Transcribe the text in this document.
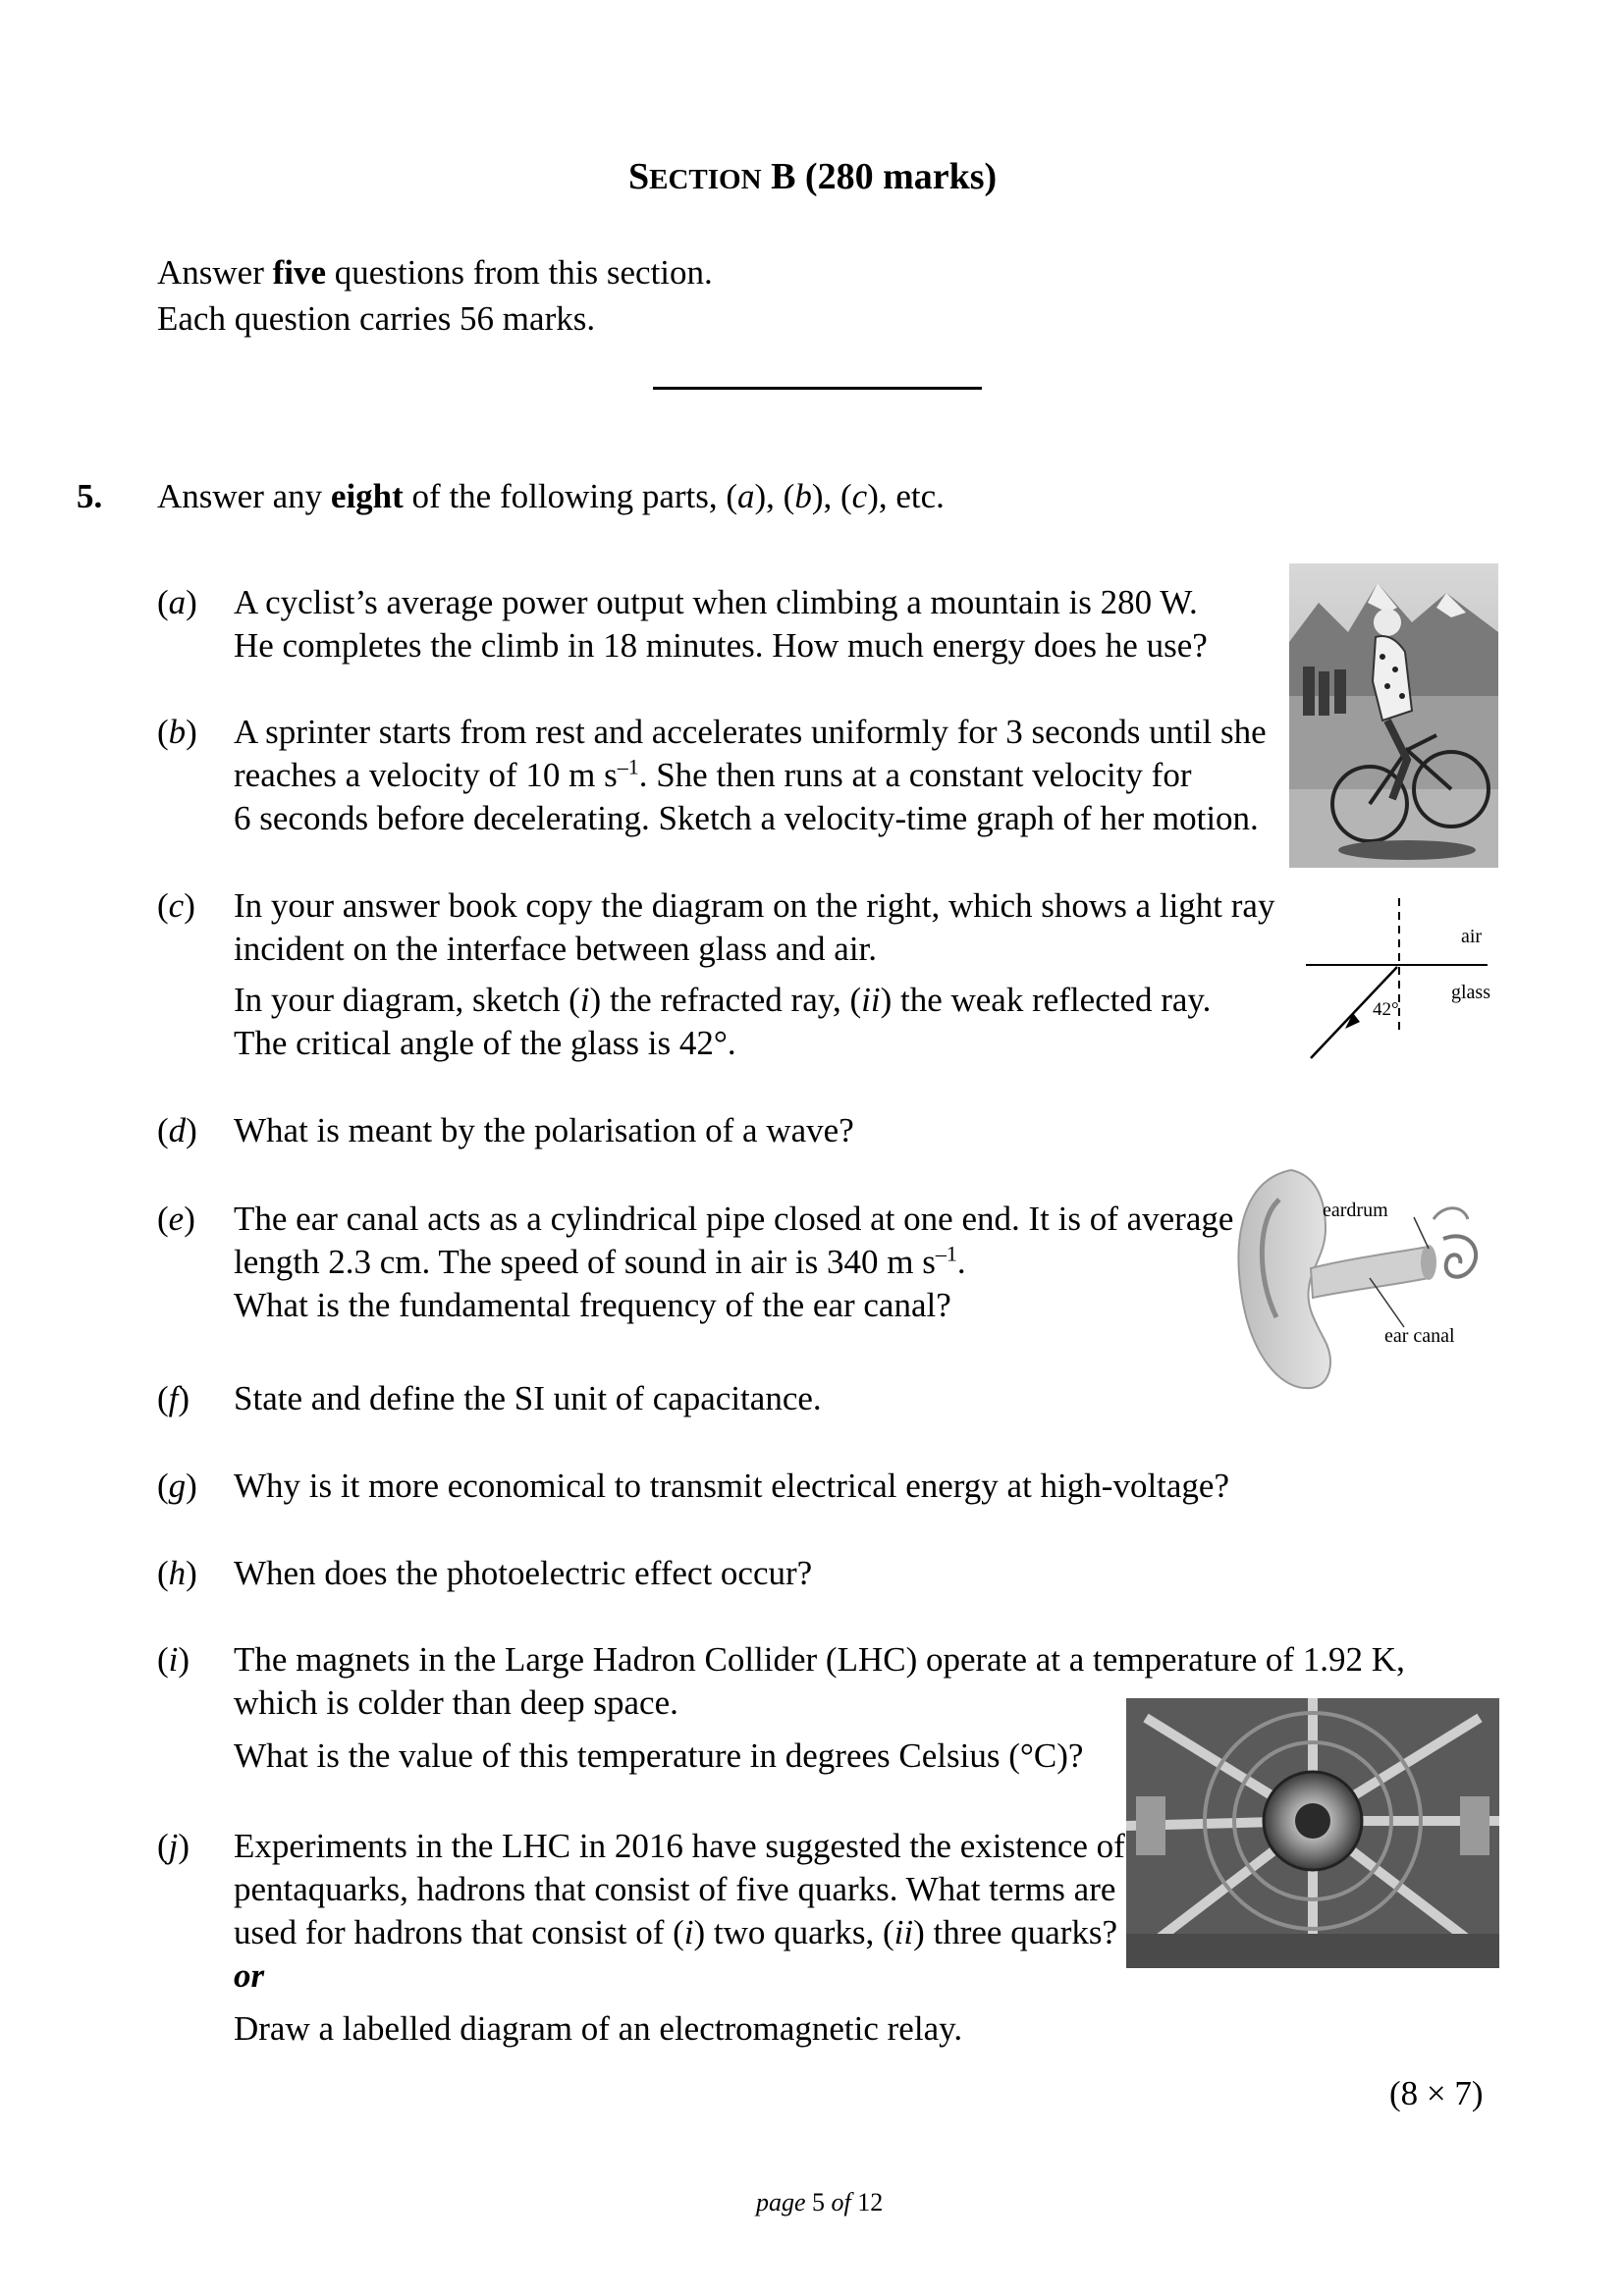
SECTION B (280 marks)
Answer five questions from this section.
Each question carries 56 marks.
5. Answer any eight of the following parts, (a), (b), (c), etc.
(a) A cyclist’s average power output when climbing a mountain is 280 W.
He completes the climb in 18 minutes. How much energy does he use?
(b) A sprinter starts from rest and accelerates uniformly for 3 seconds until she
reaches a velocity of 10 m $s^{-1}$. She then runs at a constant velocity for
6 seconds before decelerating. Sketch a velocity-time graph of her motion.
(c) In your answer book copy the diagram on the right, which shows a light ray
incident on the interface between glass and air.
In your diagram, sketch (i) the refracted ray, (ii) the weak reflected ray.
The critical angle of the glass is 42°.
(d) What is meant by the polarisation of a wave?
(e) The ear canal acts as a cylindrical pipe closed at one end. It is of average
length 2.3 cm. The speed of sound in air is 340 m $s^{-1}$.
What is the fundamental frequency of the ear canal?
(f) State and define the SI unit of capacitance.
(g) Why is it more economical to transmit electrical energy at high-voltage?
(h) When does the photoelectric effect occur?
(i) The magnets in the Large Hadron Collider (LHC) operate at a temperature of 1.92 K,
which is colder than deep space.
What is the value of this temperature in degrees Celsius (°C)?
(j) Experiments in the LHC in 2016 have suggested the existence of
pentaquarks, hadrons that consist of five quarks. What terms are
used for hadrons that consist of (i) two quarks, (ii) three quarks?
or
Draw a labelled diagram of an electromagnetic relay.
(8 × 7)
page 5 of 12
air
glass
42°
eardrum
ear canal
